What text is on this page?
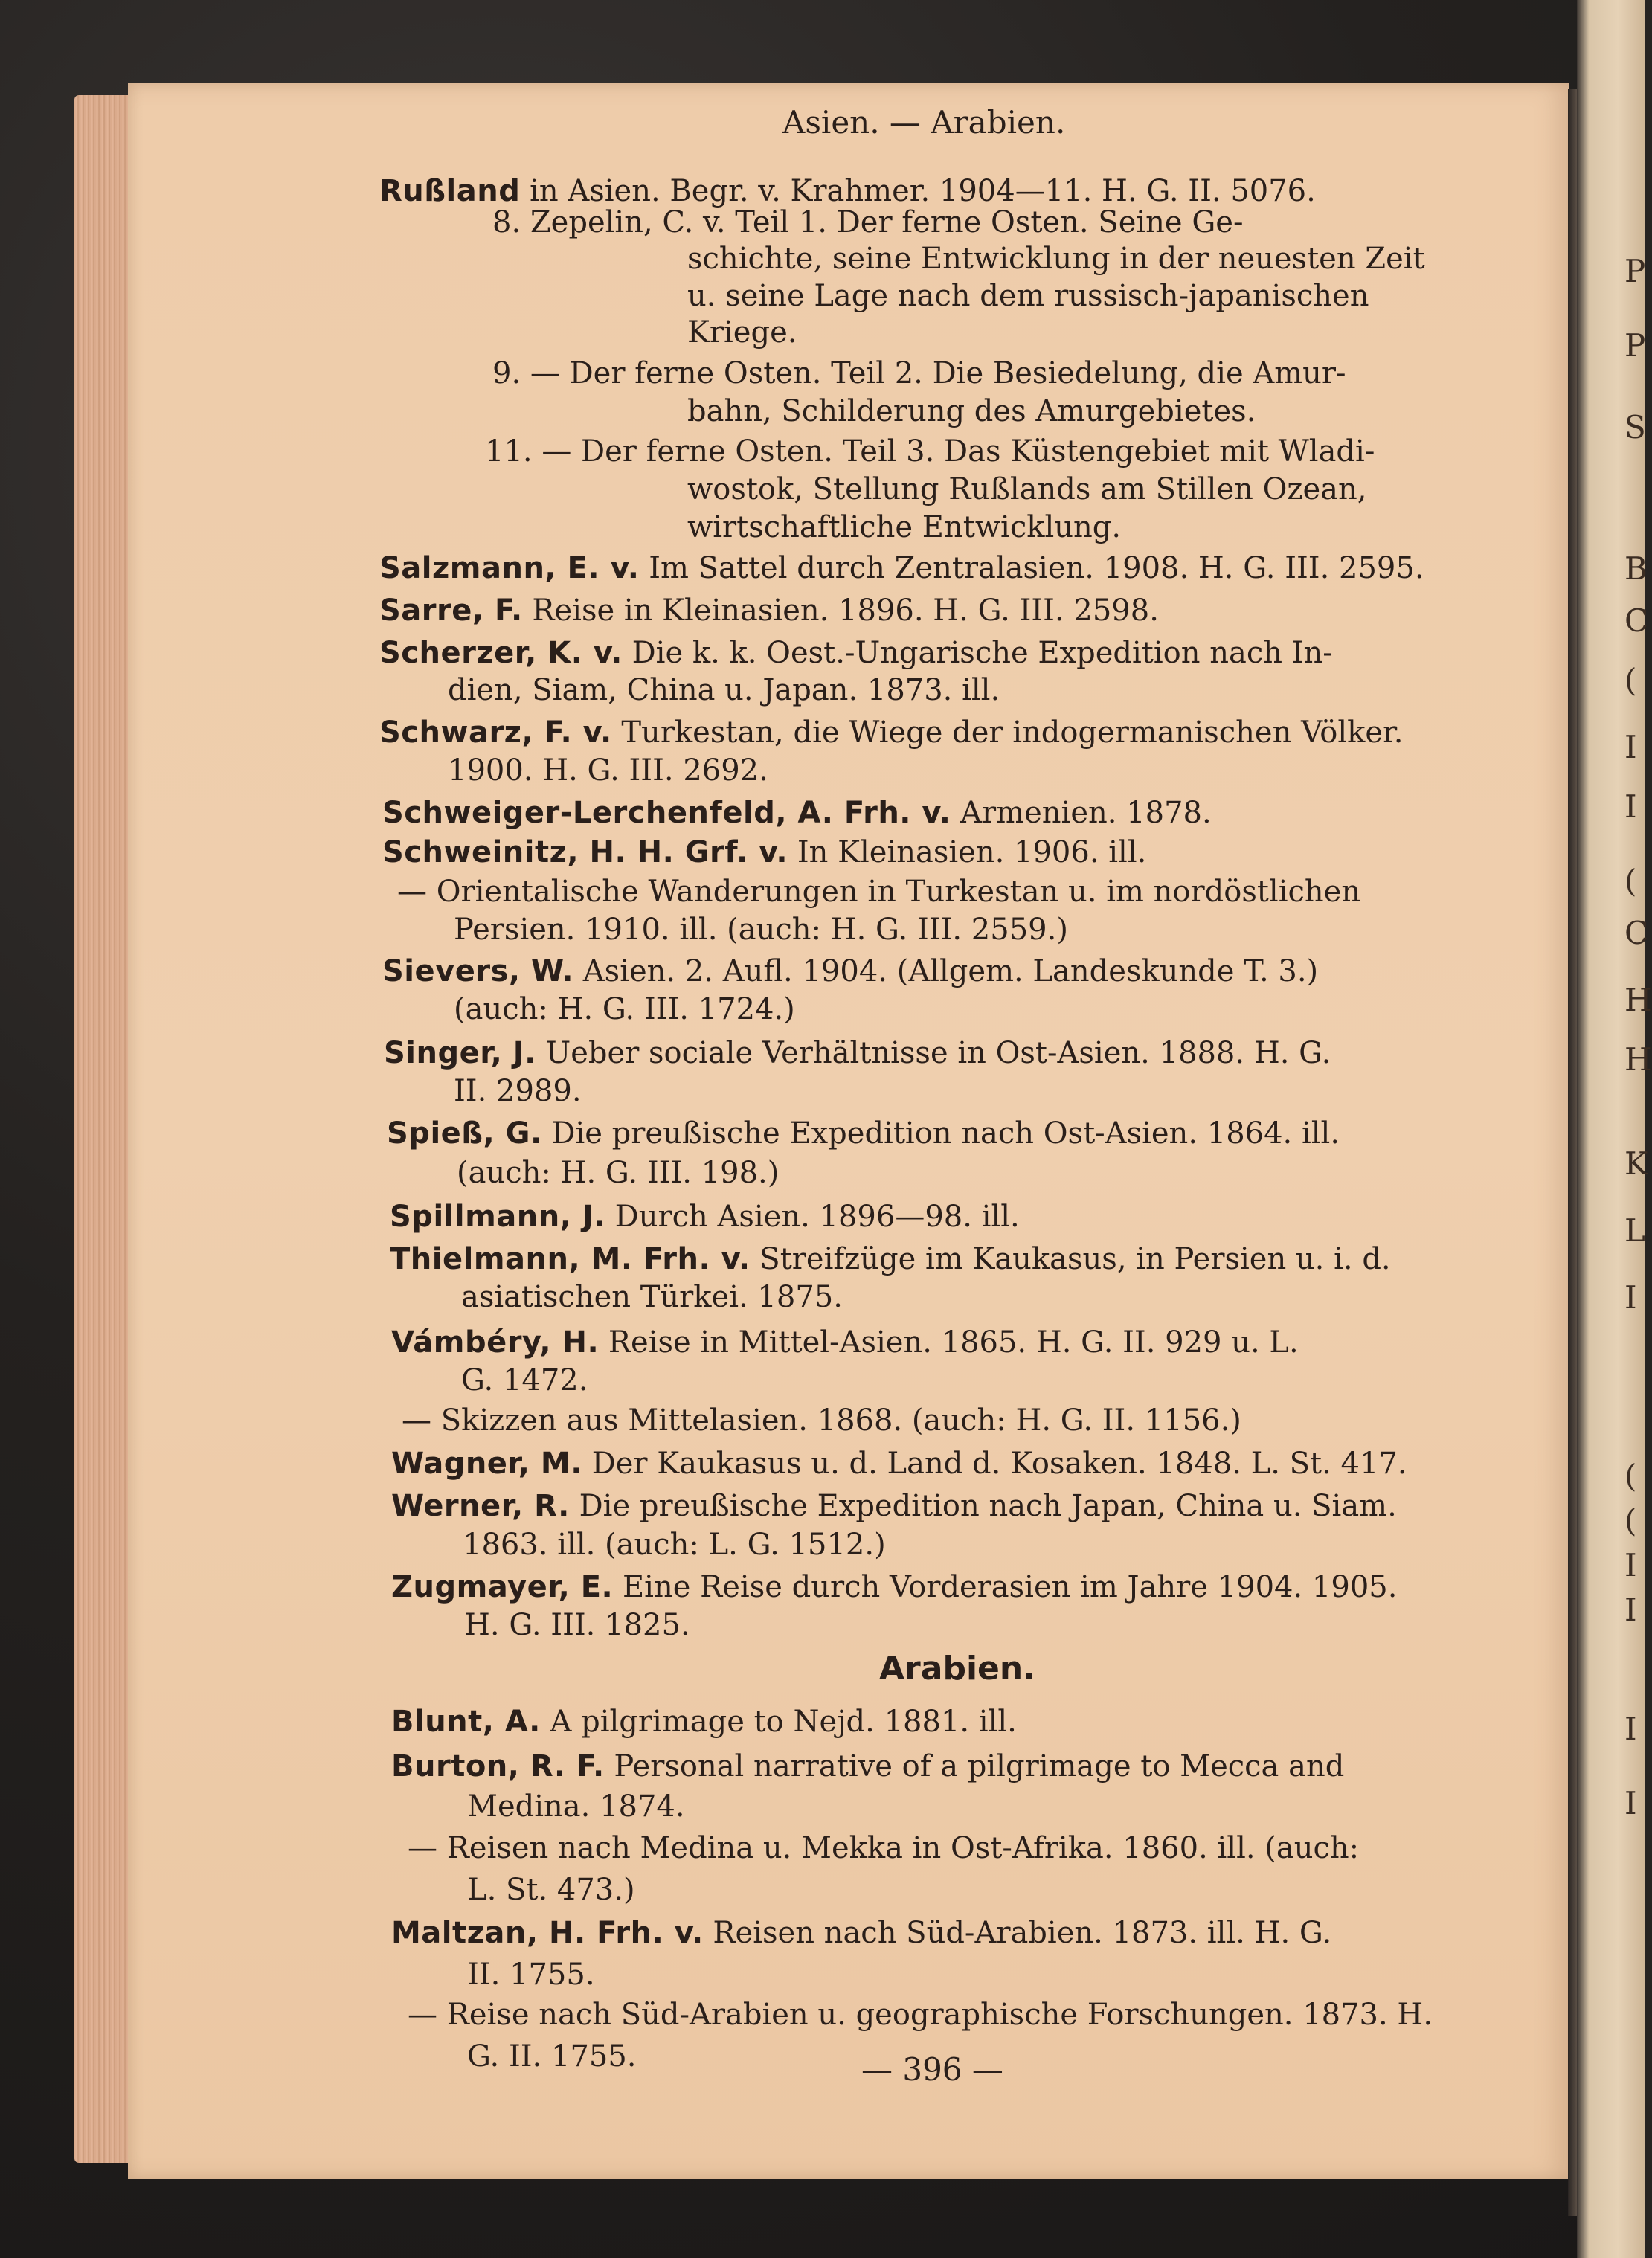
P
P
S
B
C
(
I
I
(
C
H
H
K
L
I
(
(
I
I
I
I
Asien. — Arabien.
Rußland in Asien. Begr. v. Krahmer. 1904—11. H. G. II. 5076.
8. Zepelin, C. v. Teil 1. Der ferne Osten. Seine Ge-
schichte, seine Entwicklung in der neuesten Zeit
u. seine Lage nach dem russisch-japanischen
Kriege.
9. — Der ferne Osten. Teil 2. Die Besiedelung, die Amur-
bahn, Schilderung des Amurgebietes.
11. — Der ferne Osten. Teil 3. Das Küstengebiet mit Wladi-
wostok, Stellung Rußlands am Stillen Ozean,
wirtschaftliche Entwicklung.
Salzmann, E. v. Im Sattel durch Zentralasien. 1908. H. G. III. 2595.
Sarre, F. Reise in Kleinasien. 1896. H. G. III. 2598.
Scherzer, K. v. Die k. k. Oest.-Ungarische Expedition nach In-
dien, Siam, China u. Japan. 1873. ill.
Schwarz, F. v. Turkestan, die Wiege der indogermanischen Völker.
1900. H. G. III. 2692.
Schweiger-Lerchenfeld, A. Frh. v. Armenien. 1878.
Schweinitz, H. H. Grf. v. In Kleinasien. 1906. ill.
— Orientalische Wanderungen in Turkestan u. im nordöstlichen
Persien. 1910. ill. (auch: H. G. III. 2559.)
Sievers, W. Asien. 2. Aufl. 1904. (Allgem. Landeskunde T. 3.)
(auch: H. G. III. 1724.)
Singer, J. Ueber sociale Verhältnisse in Ost-Asien. 1888. H. G.
II. 2989.
Spieß, G. Die preußische Expedition nach Ost-Asien. 1864. ill.
(auch: H. G. III. 198.)
Spillmann, J. Durch Asien. 1896—98. ill.
Thielmann, M. Frh. v. Streifzüge im Kaukasus, in Persien u. i. d.
asiatischen Türkei. 1875.
Vámbéry, H. Reise in Mittel-Asien. 1865. H. G. II. 929 u. L.
G. 1472.
— Skizzen aus Mittelasien. 1868. (auch: H. G. II. 1156.)
Wagner, M. Der Kaukasus u. d. Land d. Kosaken. 1848. L. St. 417.
Werner, R. Die preußische Expedition nach Japan, China u. Siam.
1863. ill. (auch: L. G. 1512.)
Zugmayer, E. Eine Reise durch Vorderasien im Jahre 1904. 1905.
H. G. III. 1825.
Arabien.
Blunt, A. A pilgrimage to Nejd. 1881. ill.
Burton, R. F. Personal narrative of a pilgrimage to Mecca and
Medina. 1874.
— Reisen nach Medina u. Mekka in Ost-Afrika. 1860. ill. (auch:
L. St. 473.)
Maltzan, H. Frh. v. Reisen nach Süd-Arabien. 1873. ill. H. G.
II. 1755.
— Reise nach Süd-Arabien u. geographische Forschungen. 1873. H.
G. II. 1755.	— 396 —
